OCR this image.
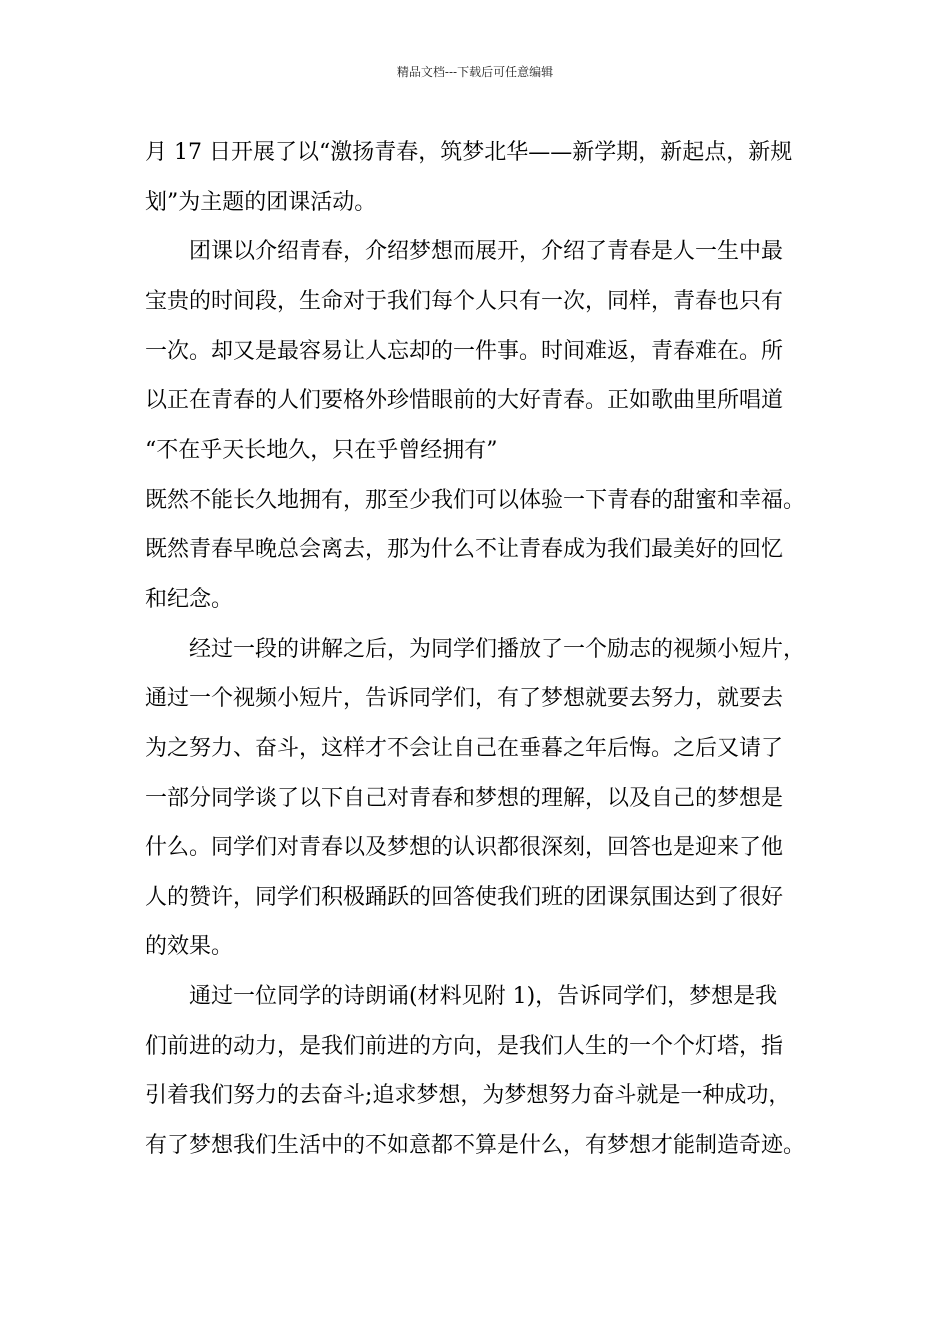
精品文档---下载后可任意编辑
月 17 日开展了以“激扬青春，筑梦北华——新学期，新起点，新规
划”为主题的团课活动。
团课以介绍青春，介绍梦想而展开，介绍了青春是人一生中最
宝贵的时间段，生命对于我们每个人只有一次，同样，青春也只有
一次。却又是最容易让人忘却的一件事。时间难返，青春难在。所
以正在青春的人们要格外珍惜眼前的大好青春。正如歌曲里所唱道
“不在乎天长地久，只在乎曾经拥有”
既然不能长久地拥有，那至少我们可以体验一下青春的甜蜜和幸福。
既然青春早晚总会离去，那为什么不让青春成为我们最美好的回忆
和纪念。
经过一段的讲解之后，为同学们播放了一个励志的视频小短片，
通过一个视频小短片，告诉同学们，有了梦想就要去努力，就要去
为之努力、奋斗，这样才不会让自己在垂暮之年后悔。之后又请了
一部分同学谈了以下自己对青春和梦想的理解，以及自己的梦想是
什么。同学们对青春以及梦想的认识都很深刻，回答也是迎来了他
人的赞许，同学们积极踊跃的回答使我们班的团课氛围达到了很好
的效果。
通过一位同学的诗朗诵(材料见附 1)，告诉同学们，梦想是我
们前进的动力，是我们前进的方向，是我们人生的一个个灯塔，指
引着我们努力的去奋斗;追求梦想，为梦想努力奋斗就是一种成功，
有了梦想我们生活中的不如意都不算是什么，有梦想才能制造奇迹。
